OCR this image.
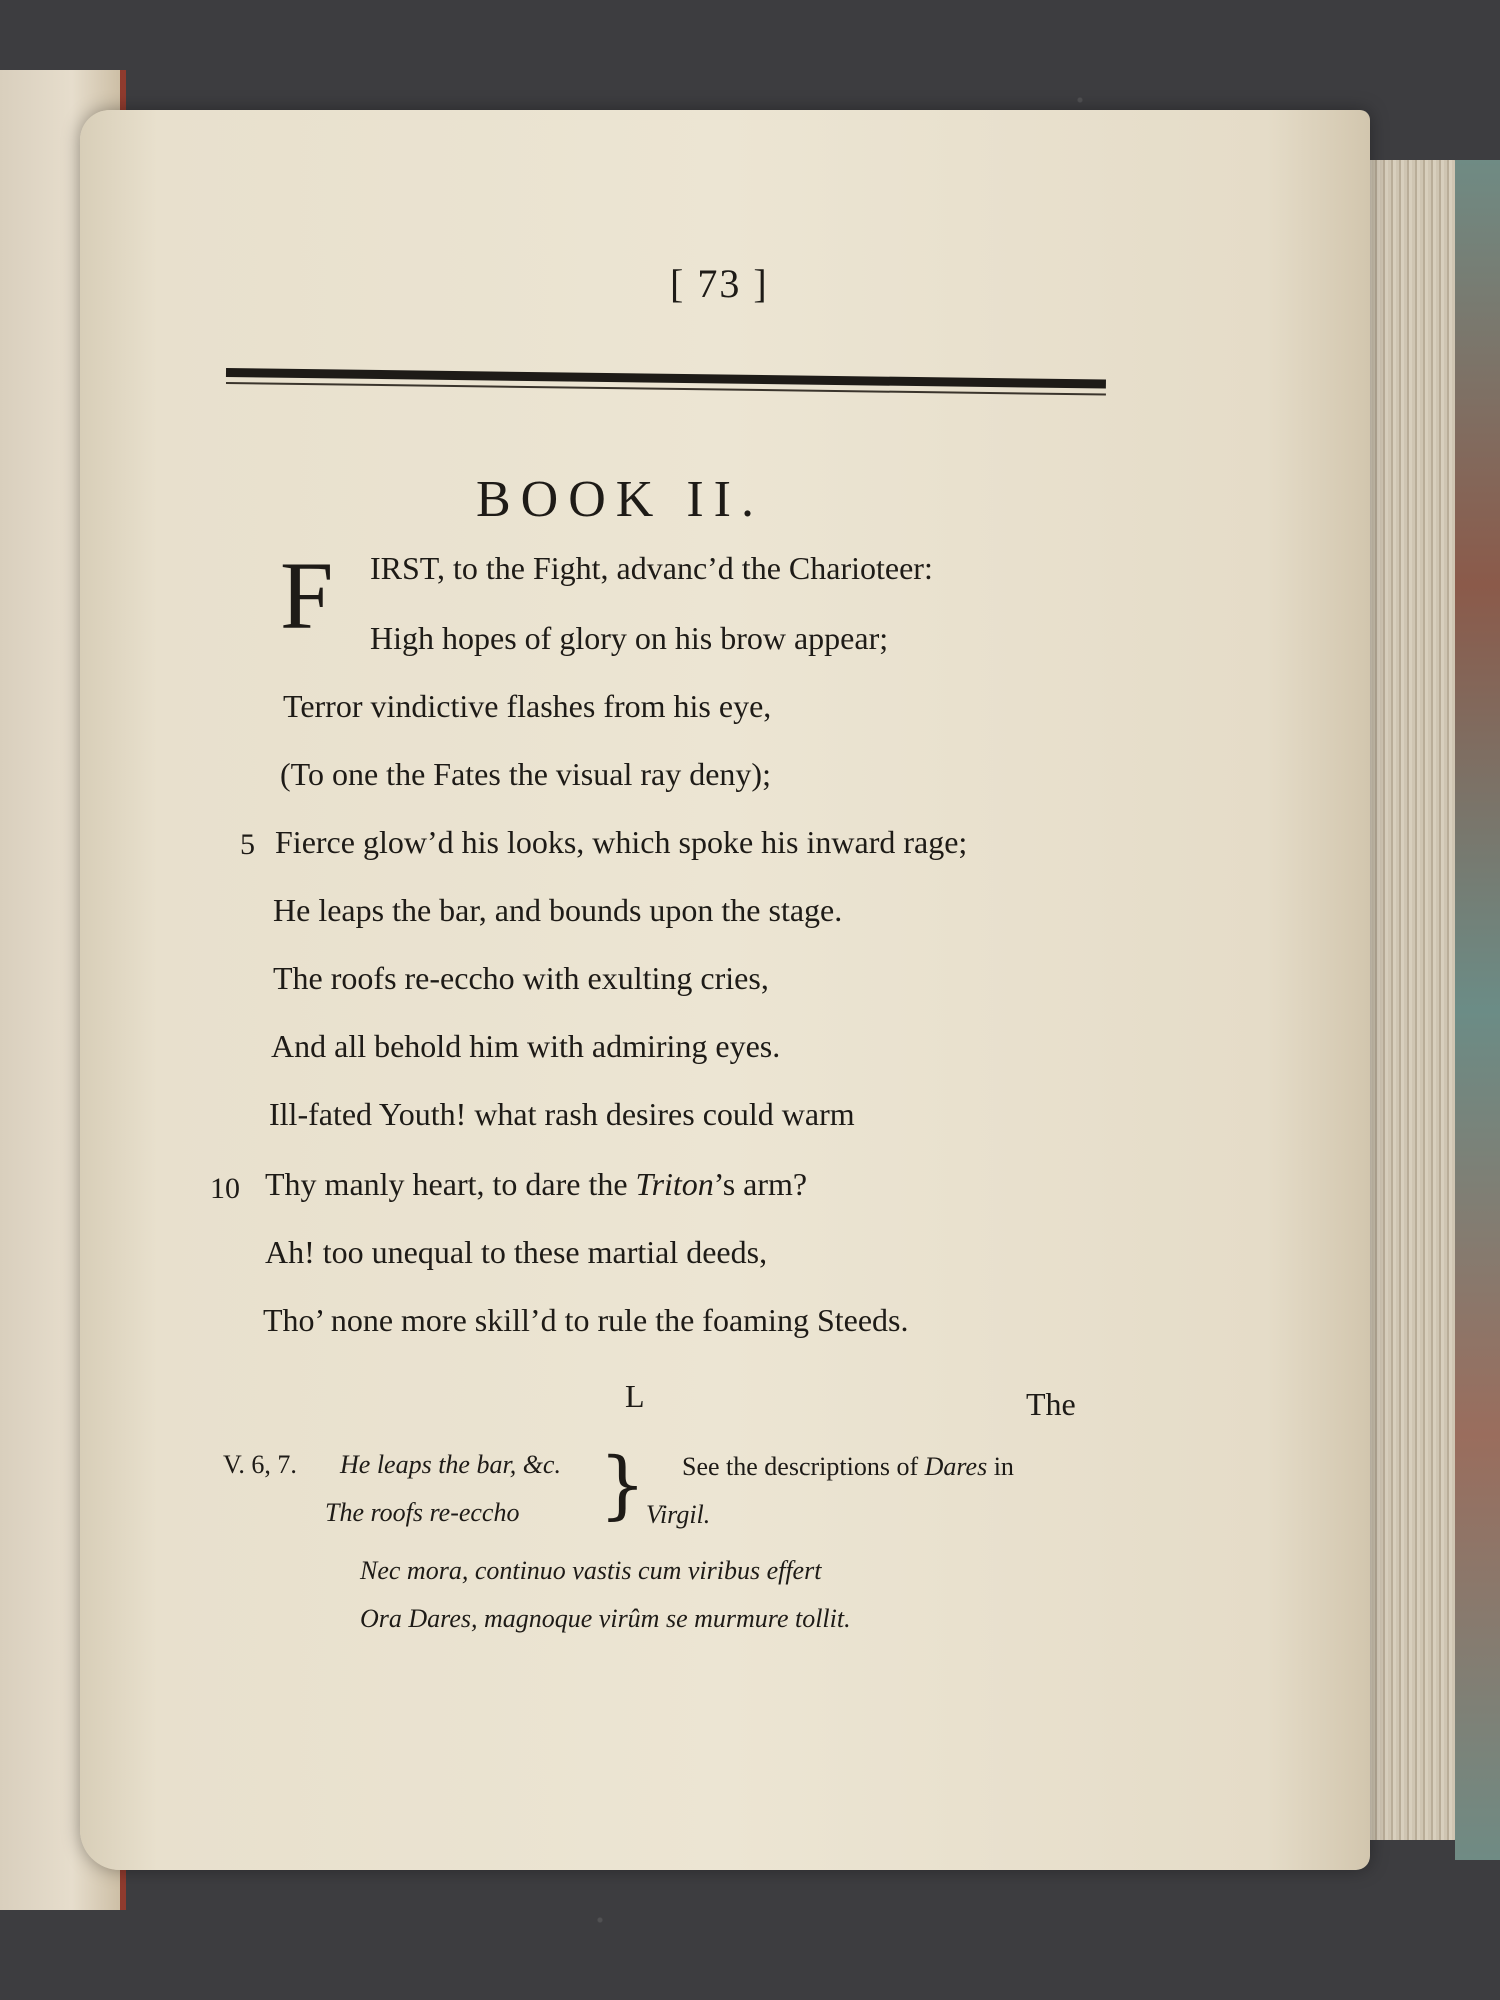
[ 73 ]
BOOK II.
F IRST, to the Fight, advanc’d the Charioteer:
High hopes of glory on his brow appear;
Terror vindictive flashes from his eye,
(To one the Fates the visual ray deny);
5 Fierce glow’d his looks, which spoke his inward rage;
He leaps the bar, and bounds upon the stage.
The roofs re-eccho with exulting cries,
And all behold him with admiring eyes.
Ill-fated Youth! what rash desires could warm
10 Thy manly heart, to dare the Triton’s arm?
Ah! too unequal to these martial deeds,
Tho’ none more skill’d to rule the foaming Steeds.
L	The
V. 6, 7. He leaps the bar, &c.
The roofs re-eccho } See the descriptions of Dares in
Virgil.
Nec mora, continuo vastis cum viribus effert
Ora Dares, magnoque virûm se murmure tollit.
